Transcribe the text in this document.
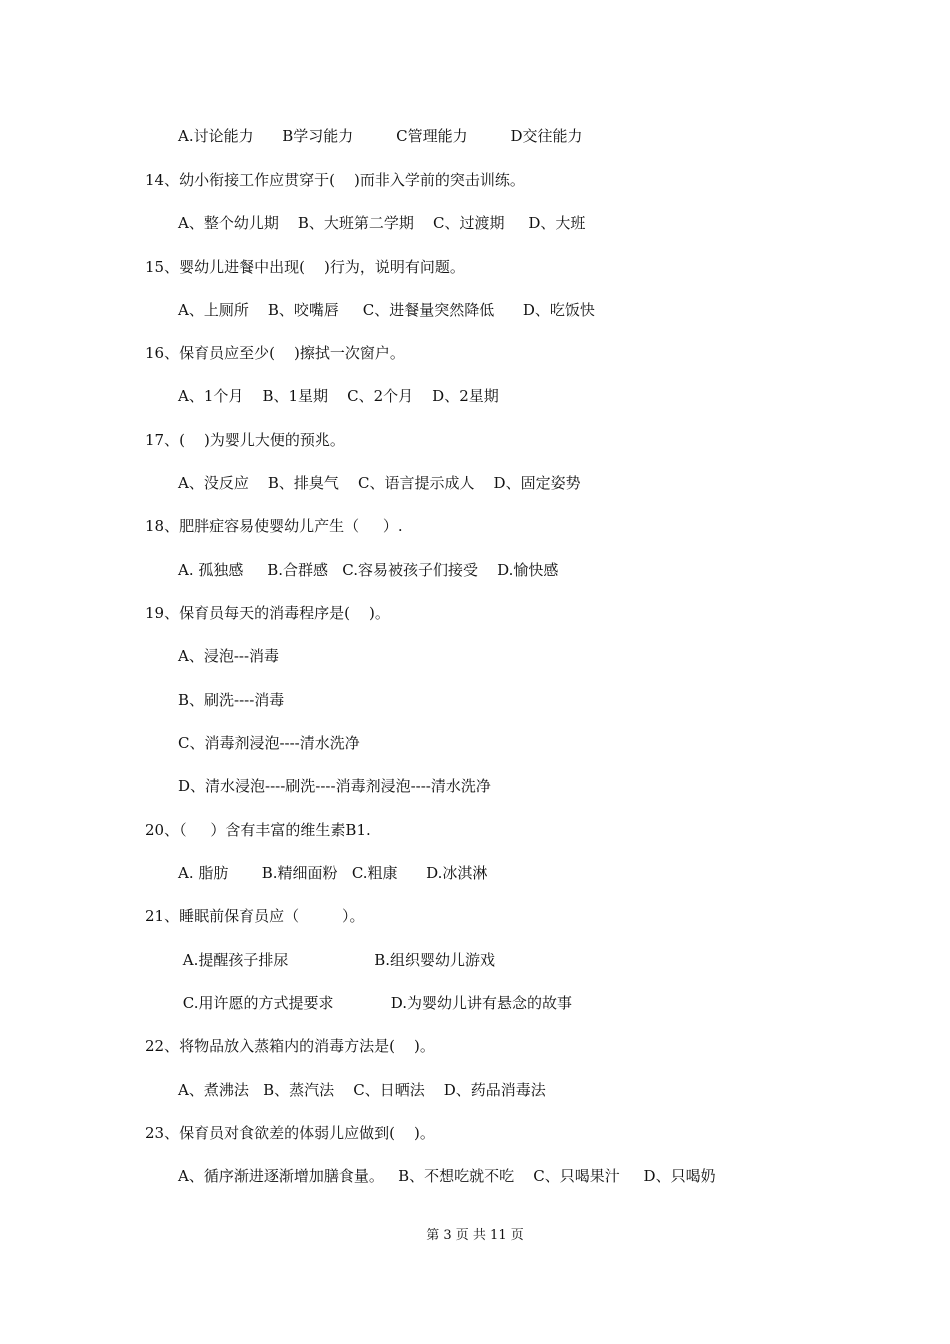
A.讨论能力      B学习能力         C管理能力         D交往能力
14、幼小衔接工作应贯穿于(    )而非入学前的突击训练。
A、整个幼儿期    B、大班第二学期    C、过渡期     D、大班
15、婴幼儿进餐中出现(    )行为，说明有问题。
A、上厕所    B、咬嘴唇     C、进餐量突然降低      D、吃饭快
16、保育员应至少(    )擦拭一次窗户。
A、1个月    B、1星期    C、2个月    D、2星期
17、(    )为婴儿大便的预兆。
A、没反应    B、排臭气    C、语言提示成人    D、固定姿势
18、肥胖症容易使婴幼儿产生（     ）.
A. 孤独感     B.合群感   C.容易被孩子们接受    D.愉快感
19、保育员每天的消毒程序是(    )。
A、浸泡---消毒
B、刷洗----消毒
C、消毒剂浸泡----清水洗净
D、清水浸泡----刷洗----消毒剂浸泡----清水洗净
20、（     ）含有丰富的维生素B1.
A. 脂肪       B.精细面粉   C.粗康      D.冰淇淋
21、睡眠前保育员应（         ）。
A.提醒孩子排尿                  B.组织婴幼儿游戏
C.用许愿的方式提要求            D.为婴幼儿讲有悬念的故事
22、将物品放入蒸箱内的消毒方法是(    )。
A、煮沸法   B、蒸汽法    C、日晒法    D、药品消毒法
23、保育员对食欲差的体弱儿应做到(    )。
A、循序渐进逐渐增加膳食量。   B、不想吃就不吃    C、只喝果汁     D、只喝奶
第 3 页 共 11 页
